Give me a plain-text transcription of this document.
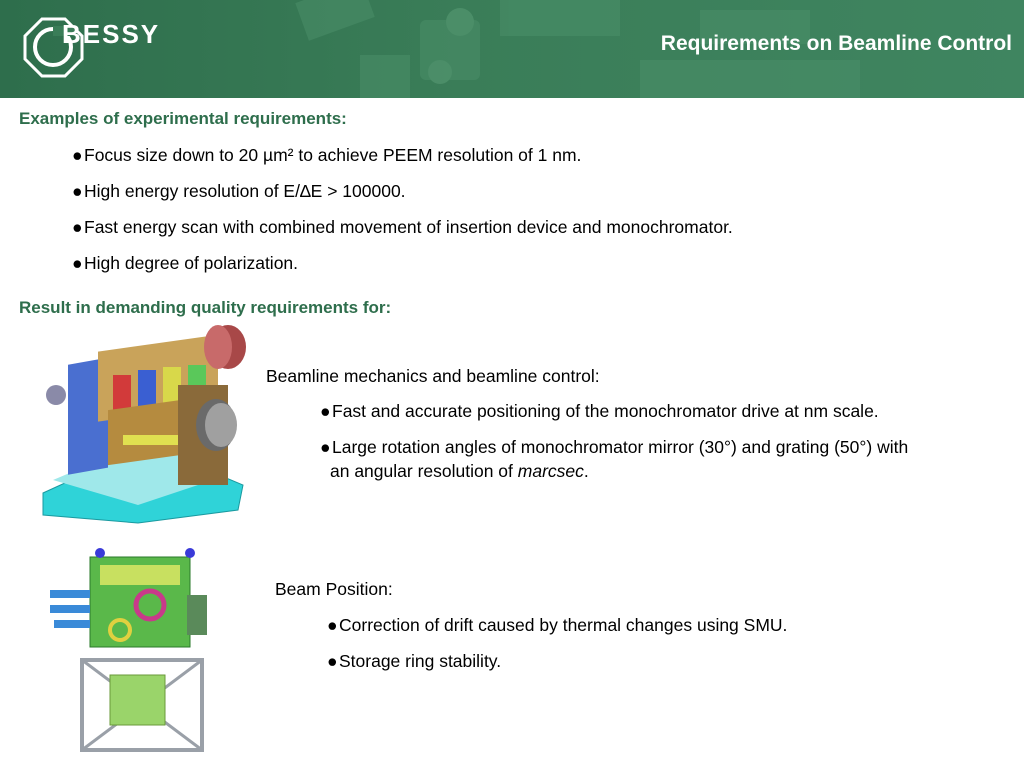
BESSY	Requirements on Beamline Control
Examples of experimental requirements:
●Focus size down to 20 µm² to achieve PEEM resolution of 1 nm.
●High energy resolution of E/∆E > 100000.
●Fast energy scan with combined movement of insertion device and monochromator.
●High degree of polarization.
Result in demanding quality requirements for:
Beamline mechanics and beamline control:
●Fast and accurate positioning of the monochromator drive at nm scale.
●Large rotation angles of monochromator mirror (30°) and grating (50°) with
an angular resolution of marcsec.
Beam Position:
●Correction of drift caused by thermal changes using SMU.
●Storage ring stability.
